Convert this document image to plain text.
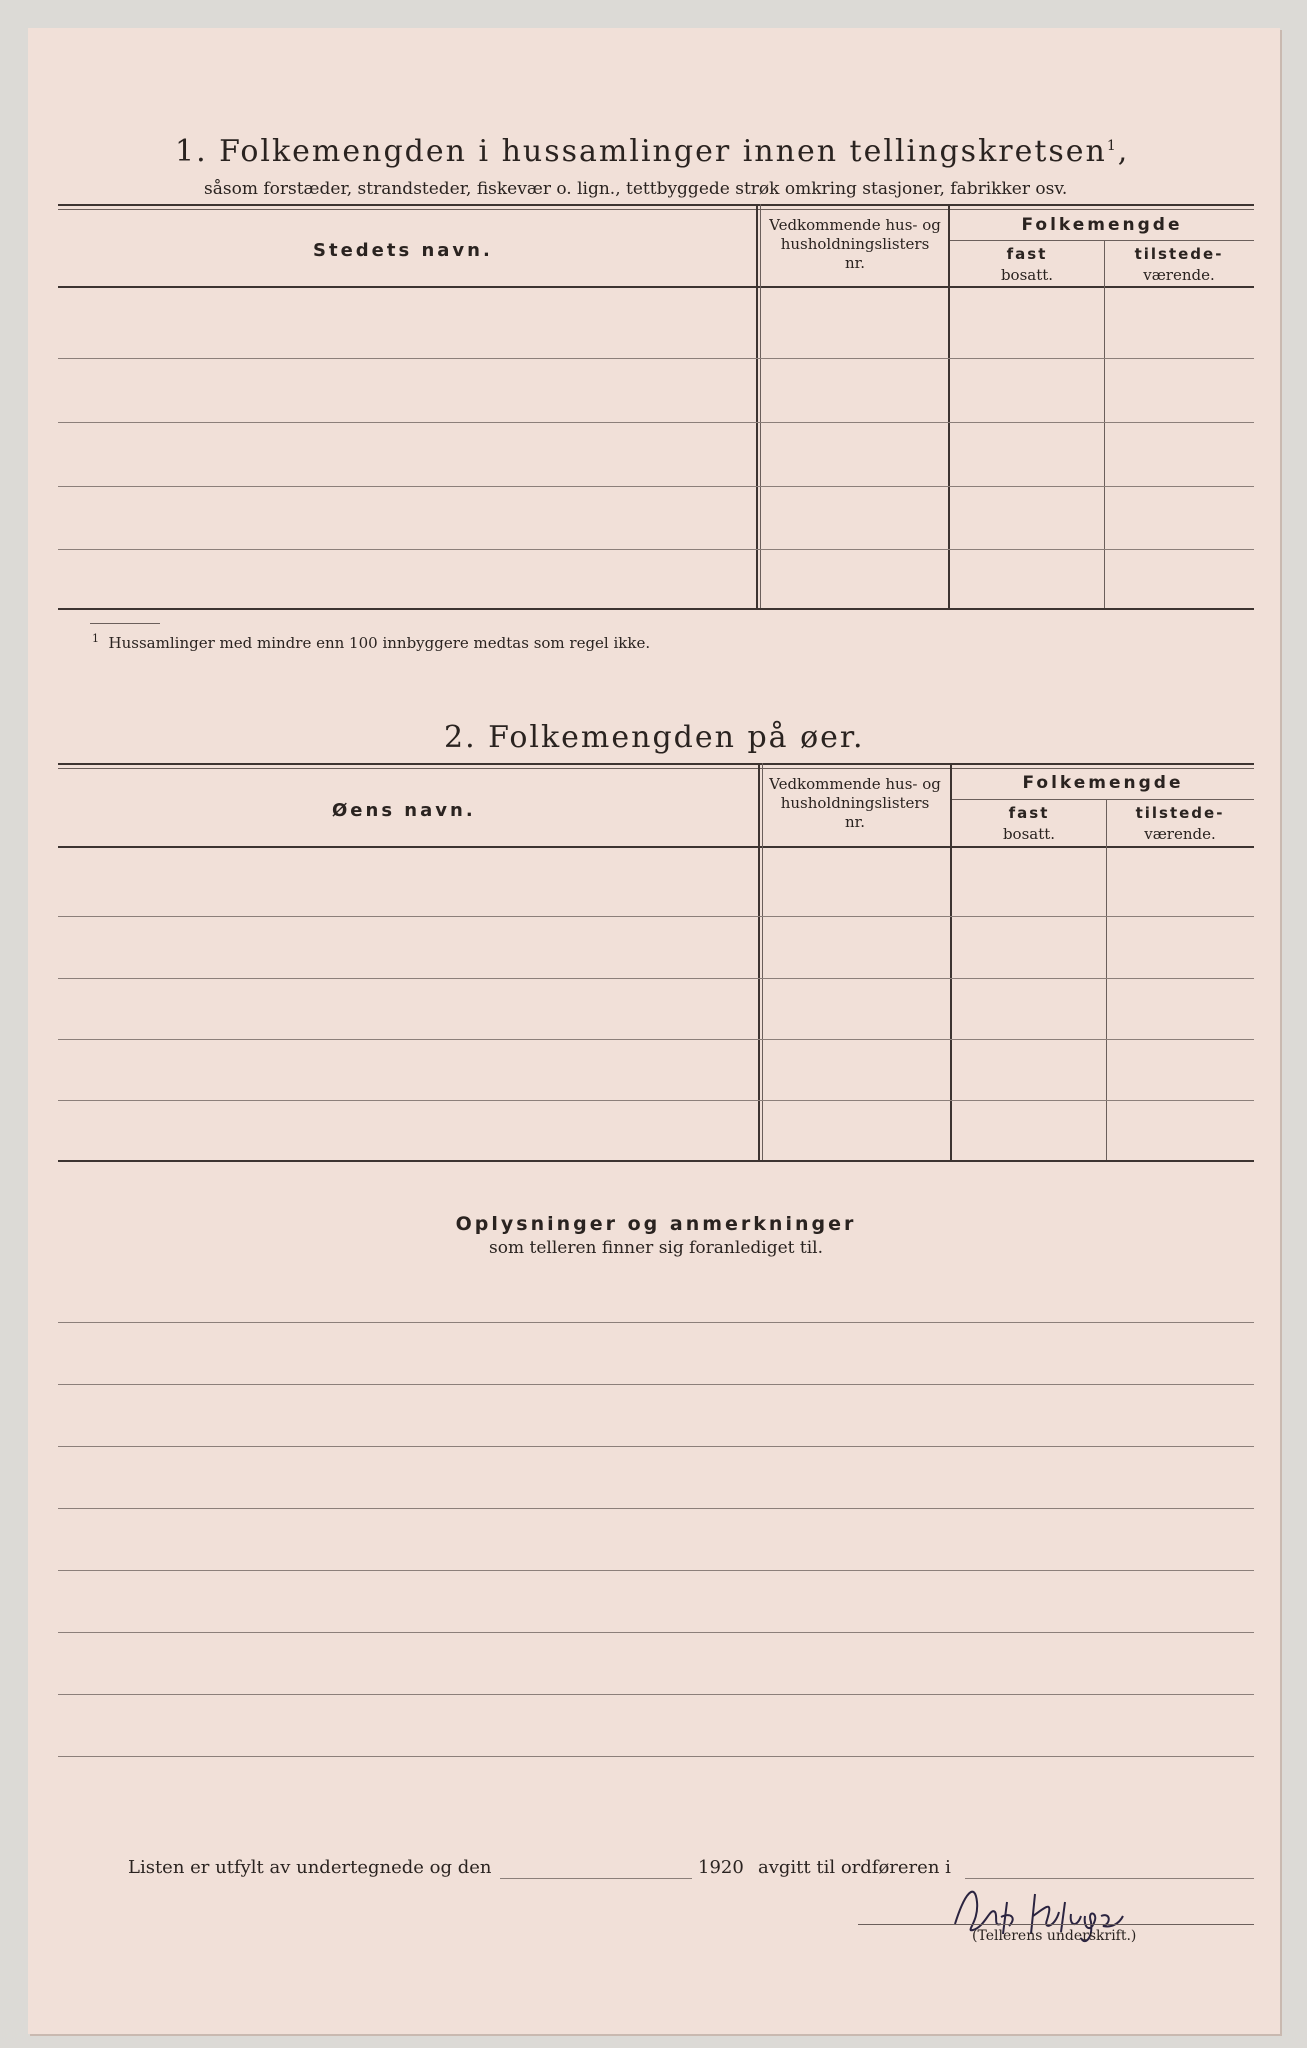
1. Folkemengden i hussamlinger innen tellingskretsen$^1$,
såsom forstæder, strandsteder, fiskevær o. lign., tettbyggede strøk omkring stasjoner, fabrikker osv.
Stedets navn.
Vedkommende hus- og
husholdningslisters
nr.
Folkemengde
fast
bosatt.
tilstede-
værende.
$^1$ Hussamlinger med mindre enn 100 innbyggere medtas som regel ikke.
2. Folkemengden på øer.
Øens navn.
Vedkommende hus- og
husholdningslisters
nr.
Folkemengde
fast
bosatt.
tilstede-
værende.
Oplysninger og anmerkninger
som telleren finner sig foranlediget til.
Listen er utfylt av undertegnede og den	1920 avgitt til ordføreren i
(Tellerens underskrift.)
